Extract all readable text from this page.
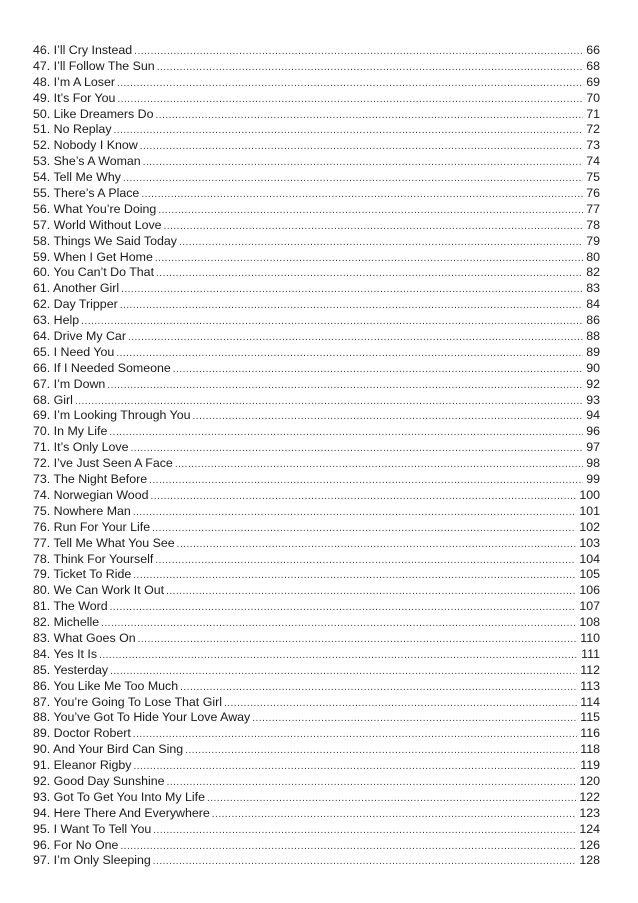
46. I’ll Cry Instead .....	66
47. I’ll Follow The Sun .....	68
48. I’m A Loser .....	69
49. It’s For You .....	70
50. Like Dreamers Do .....	71
51. No Replay .....	72
52. Nobody I Know .....	73
53. She’s A Woman .....	74
54. Tell Me Why .....	75
55. There’s A Place .....	76
56. What You’re Doing .....	77
57. World Without Love .....	78
58. Things We Said Today .....	79
59. When I Get Home .....	80
60. You Can’t Do That .....	82
61. Another Girl .....	83
62. Day Tripper .....	84
63. Help .....	86
64. Drive My Car .....	88
65. I Need You .....	89
66. If I Needed Someone .....	90
67. I’m Down .....	92
68. Girl .....	93
69. I’m Looking Through You .....	94
70. In My Life .....	96
71. It’s Only Love .....	97
72. I’ve Just Seen A Face .....	98
73. The Night Before .....	99
74. Norwegian Wood .....	100
75. Nowhere Man .....	101
76. Run For Your Life .....	102
77. Tell Me What You See .....	103
78. Think For Yourself .....	104
79. Ticket To Ride .....	105
80. We Can Work It Out .....	106
81. The Word .....	107
82. Michelle .....	108
83. What Goes On .....	110
84. Yes It Is .....	111
85. Yesterday .....	112
86. You Like Me Too Much .....	113
87. You’re Going To Lose That Girl .....	114
88. You’ve Got To Hide Your Love Away .....	115
89. Doctor Robert .....	116
90. And Your Bird Can Sing .....	118
91. Eleanor Rigby .....	119
92. Good Day Sunshine .....	120
93. Got To Get You Into My Life .....	122
94. Here There And Everywhere .....	123
95. I Want To Tell You .....	124
96. For No One .....	126
97. I’m Only Sleeping .....	128
